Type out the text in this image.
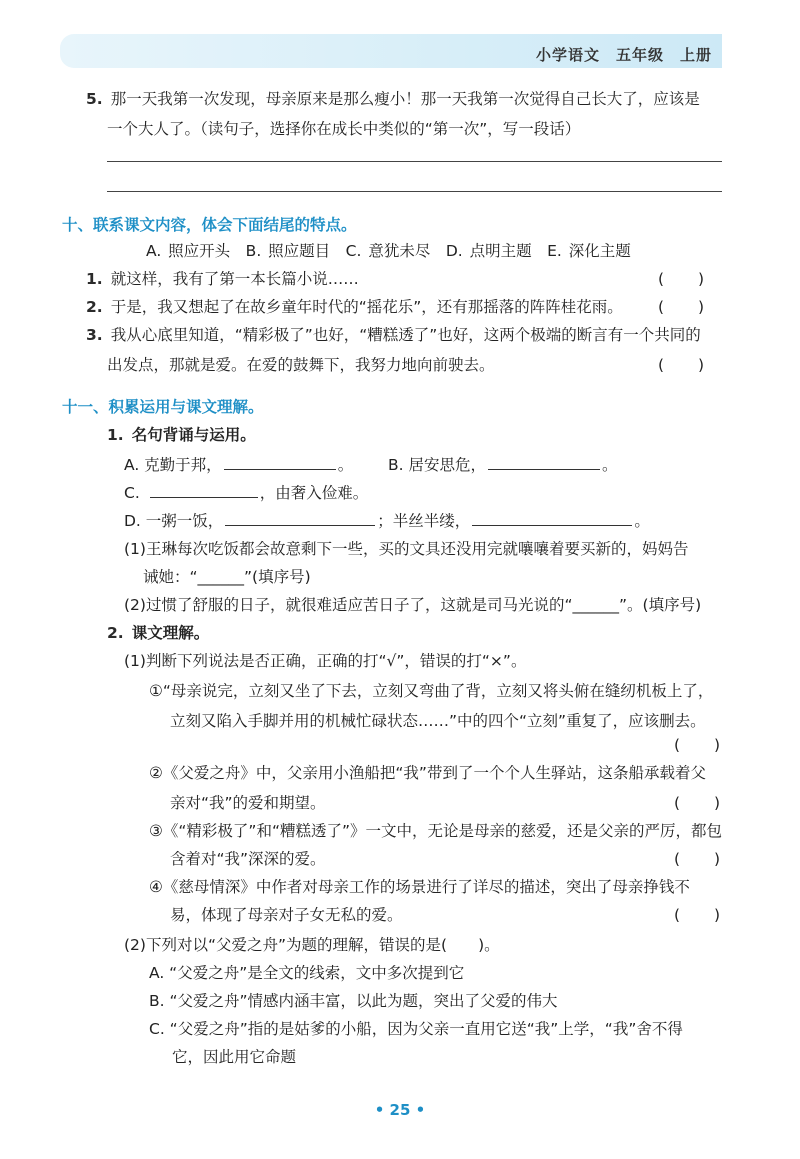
小学语文　五年级　上册
5. 那一天我第一次发现，母亲原来是那么瘦小！那一天我第一次觉得自己长大了，应该是
一个大人了。（读句子，选择你在成长中类似的“第一次”，写一段话）
十、联系课文内容，体会下面结尾的特点。
A. 照应开头　B. 照应题目　C. 意犹未尽　D. 点明主题　E. 深化主题
1. 就这样，我有了第一本长篇小说……	(　　)
2. 于是，我又想起了在故乡童年时代的“摇花乐”，还有那摇落的阵阵桂花雨。 (　　)
3. 我从心底里知道，“精彩极了”也好，“糟糕透了”也好，这两个极端的断言有一个共同的
出发点，那就是爱。在爱的鼓舞下，我努力地向前驶去。	(　　)
十一、积累运用与课文理解。
1. 名句背诵与运用。
A. 克勤于邦，	。 B. 居安思危，	。
C.	，由奢入俭难。
D. 一粥一饭，	；半丝半缕，	。
(1)王琳每次吃饭都会故意剩下一些，买的文具还没用完就嚷嚷着要买新的，妈妈告
诫她：“______”(填序号)
(2)过惯了舒服的日子，就很难适应苦日子了，这就是司马光说的“______”。(填序号)
2. 课文理解。
(1)判断下列说法是否正确，正确的打“√”，错误的打“×”。
①“母亲说完，立刻又坐了下去，立刻又弯曲了背，立刻又将头俯在缝纫机板上了，
立刻又陷入手脚并用的机械忙碌状态……”中的四个“立刻”重复了，应该删去。
(　　)
②《父爱之舟》中，父亲用小渔船把“我”带到了一个个人生驿站，这条船承载着父
亲对“我”的爱和期望。	(　　)
③《“精彩极了”和“糟糕透了”》一文中，无论是母亲的慈爱，还是父亲的严厉，都包
含着对“我”深深的爱。	(　　)
④《慈母情深》中作者对母亲工作的场景进行了详尽的描述，突出了母亲挣钱不
易，体现了母亲对子女无私的爱。	(　　)
(2)下列对以“父爱之舟”为题的理解，错误的是(　　)。
A. “父爱之舟”是全文的线索，文中多次提到它
B. “父爱之舟”情感内涵丰富，以此为题，突出了父爱的伟大
C. “父爱之舟”指的是姑爹的小船，因为父亲一直用它送“我”上学，“我”舍不得
它，因此用它命题
• 25 •
